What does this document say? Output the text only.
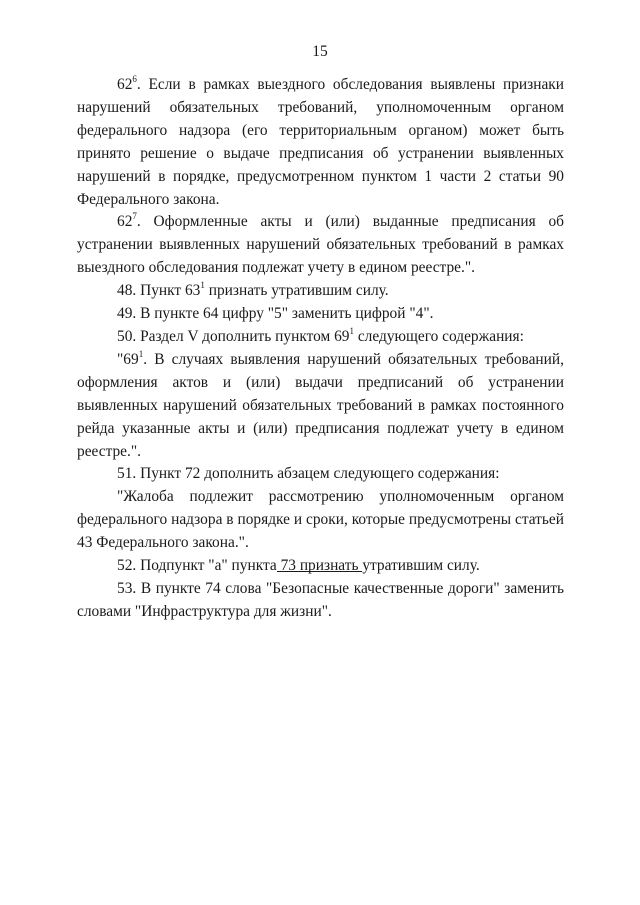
15

$62^6$. Если в рамках выездного обследования выявлены признаки нарушений обязательных требований, уполномоченным органом федерального надзора (его территориальным органом) может быть принято решение о выдаче предписания об устранении выявленных нарушений в порядке, предусмотренном пунктом 1 части 2 статьи 90 Федерального закона.

$62^7$. Оформленные акты и (или) выданные предписания об устранении выявленных нарушений обязательных требований в рамках выездного обследования подлежат учету в едином реестре.".

48. Пункт $63^1$ признать утратившим силу.

49. В пункте 64 цифру "5" заменить цифрой "4".

50. Раздел V дополнить пунктом $69^1$ следующего содержания:

"$69^1$. В случаях выявления нарушений обязательных требований, оформления актов и (или) выдачи предписаний об устранении выявленных нарушений обязательных требований в рамках постоянного рейда указанные акты и (или) предписания подлежат учету в едином реестре.".

51. Пункт 72 дополнить абзацем следующего содержания:

"Жалоба подлежит рассмотрению уполномоченным органом федерального надзора в порядке и сроки, которые предусмотрены статьей 43 Федерального закона.".

52. Подпункт "а" пункта 73 признать утратившим силу.

53. В пункте 74 слова "Безопасные качественные дороги" заменить словами "Инфраструктура для жизни".
